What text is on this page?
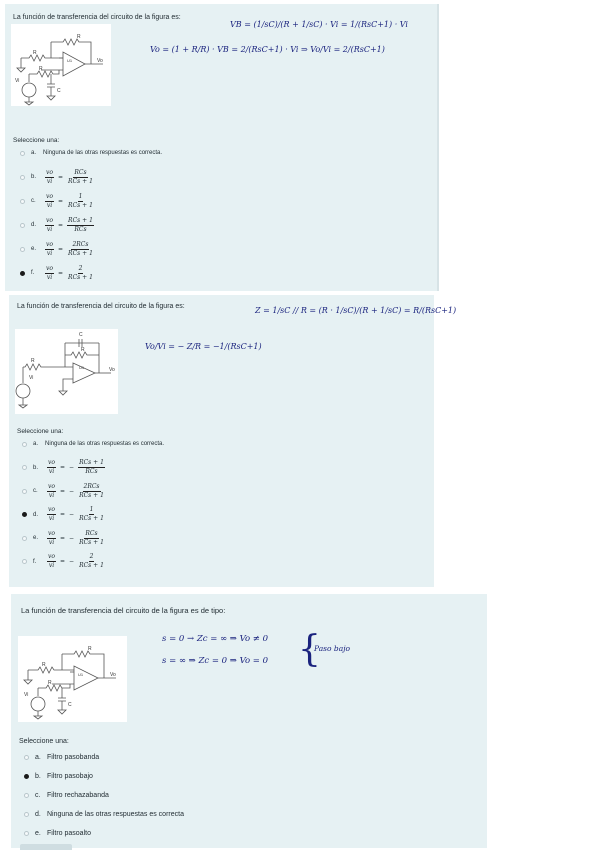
La función de transferencia del circuito de la figura es:
R
R
R
C
Vi
Vo
U1
VB = (1/sC)/(R + 1/sC) · Vi = 1/(RsC+1) · Vi
Vo = (1 + R/R) · VB = 2/(RsC+1) · Vi ⇒ Vo/Vi = 2/(RsC+1)
Seleccione una:
a.	Ninguna de las otras respuestas es correcta.
b.	$\frac{vo}{vi}$ =
RCs
RCs + 1
c.	$\frac{vo}{vi}$ =
1
RCs + 1
d.	$\frac{vo}{vi}$ =
RCs + 1
RCs
e.	$\frac{vo}{vi}$ =
2RCs
RCs + 1
f.	$\frac{vo}{vi}$ =
2
RCs + 1
La función de transferencia del circuito de la figura es:
C
R
R
Vi
Vo
U1
Z = 1/sC // R = (R · 1/sC)/(R + 1/sC) = R/(RsC+1)
Vo/Vi = − Z/R = −1/(RsC+1)
Seleccione una:
a.	Ninguna de las otras respuestas es correcta.
b.	$\frac{vo}{vi}$ = −
RCs + 1
RCs
c.	$\frac{vo}{vi}$ = −
2RCs
RCs + 1
d.	$\frac{vo}{vi}$ = −
1
RCs + 1
e.	$\frac{vo}{vi}$ = −
RCs
RCs + 1
f.	$\frac{vo}{vi}$ = −
2
RCs + 1
La función de transferencia del circuito de la figura es de tipo:
R
R
R
C
Vi
Vo
U1
s = 0 → Zc = ∞ ⇒ Vo ≠ 0
s = ∞ ⇒ Zc = 0 ⇒ Vo = 0 {
Paso bajo
Seleccione una:
a. Filtro pasobanda
b. Filtro pasobajo
c. Filtro rechazabanda
d. Ninguna de las otras respuestas es correcta
e. Filtro pasoalto
